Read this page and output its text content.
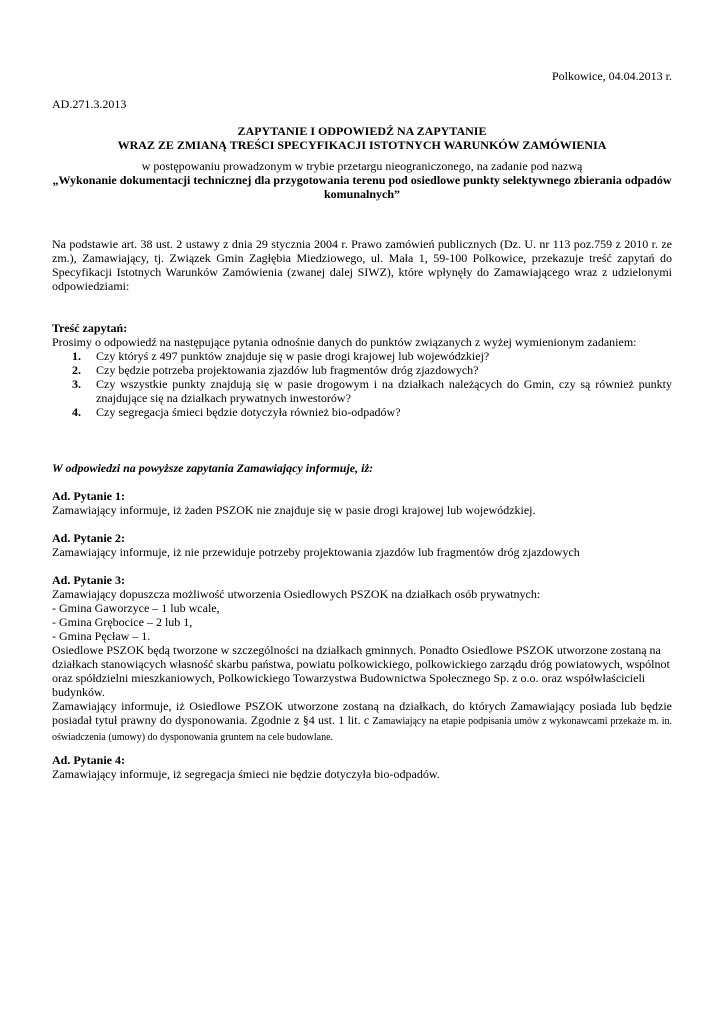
Polkowice, 04.04.2013 r.
AD.271.3.2013
ZAPYTANIE I ODPOWIEDŹ NA ZAPYTANIE
WRAZ ZE ZMIANĄ TREŚCI SPECYFIKACJI ISTOTNYCH WARUNKÓW ZAMÓWIENIA
w postępowaniu prowadzonym w trybie przetargu nieograniczonego, na zadanie pod nazwą
„Wykonanie dokumentacji technicznej dla przygotowania terenu pod osiedlowe punkty selektywnego zbierania odpadów komunalnych”
Na podstawie art. 38 ust. 2 ustawy z dnia 29 stycznia 2004 r. Prawo zamówień publicznych (Dz. U. nr 113 poz.759 z 2010 r. ze zm.), Zamawiający, tj. Związek Gmin Zagłębia Miedziowego, ul. Mała 1, 59-100 Polkowice, przekazuje treść zapytań do Specyfikacji Istotnych Warunków Zamówienia (zwanej dalej SIWZ), które wpłynęły do Zamawiającego wraz z udzielonymi odpowiedziami:
Treść zapytań:
Prosimy o odpowiedź na następujące pytania odnośnie danych do punktów związanych z wyżej wymienionym zadaniem:
1. Czy któryś z 497 punktów znajduje się w pasie drogi krajowej lub wojewódzkiej?
2. Czy będzie potrzeba projektowania zjazdów lub fragmentów dróg zjazdowych?
3. Czy wszystkie punkty znajdują się w pasie drogowym i na działkach należących do Gmin, czy są również punkty znajdujące się na działkach prywatnych inwestorów?
4. Czy segregacja śmieci będzie dotyczyła również bio-odpadów?
W odpowiedzi na powyższe zapytania Zamawiający informuje, iż:
Ad. Pytanie 1:
Zamawiający informuje, iż żaden PSZOK nie znajduje się w pasie drogi krajowej lub wojewódzkiej.
Ad. Pytanie 2:
Zamawiający informuje, iż nie przewiduje potrzeby projektowania zjazdów lub fragmentów dróg zjazdowych
Ad. Pytanie 3:
Zamawiający dopuszcza możliwość utworzenia Osiedlowych PSZOK na działkach osób prywatnych:
- Gmina Gaworzyce – 1 lub wcale,
- Gmina Grębocice – 2 lub 1,
- Gmina Pęcław – 1.
Osiedlowe PSZOK będą tworzone w szczególności na działkach gminnych. Ponadto Osiedlowe PSZOK utworzone zostaną na działkach stanowiących własność skarbu państwa, powiatu polkowickiego, polkowickiego zarządu dróg powiatowych, wspólnot oraz spółdzielni mieszkaniowych, Polkowickiego Towarzystwa Budownictwa Społecznego Sp. z o.o. oraz współwłaścicieli budynków.
Zamawiający informuje, iż Osiedlowe PSZOK utworzone zostaną na działkach, do których Zamawiający posiada lub będzie posiadał tytuł prawny do dysponowania. Zgodnie z §4 ust. 1 lit. c Zamawiający na etapie podpisania umów z wykonawcami przekaże m. in. oświadczenia (umowy) do dysponowania gruntem na cele budowlane.
Ad. Pytanie 4:
Zamawiający informuje, iż segregacja śmieci nie będzie dotyczyła bio-odpadów.
